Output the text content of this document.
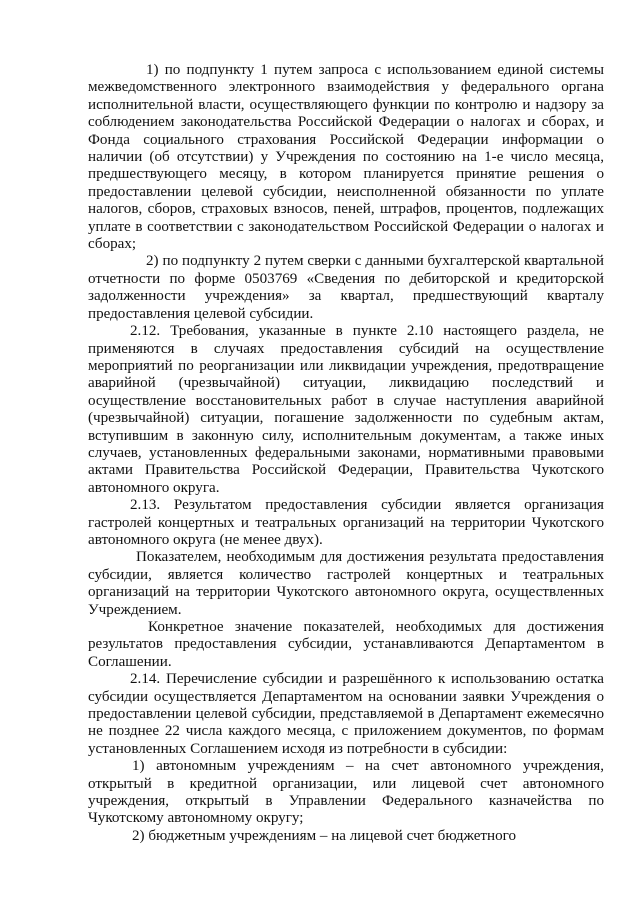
1) по подпункту 1 путем запроса с использованием единой системы межведомственного электронного взаимодействия у федерального органа исполнительной власти, осуществляющего функции по контролю и надзору за соблюдением законодательства Российской Федерации о налогах и сборах, и Фонда социального страхования Российской Федерации информации о наличии (об отсутствии) у Учреждения по состоянию на 1-е число месяца, предшествующего месяцу, в котором планируется принятие решения о предоставлении целевой субсидии, неисполненной обязанности по уплате налогов, сборов, страховых взносов, пеней, штрафов, процентов, подлежащих уплате в соответствии с законодательством Российской Федерации о налогах и сборах;

2) по подпункту 2 путем сверки с данными бухгалтерской квартальной отчетности по форме 0503769 «Сведения по дебиторской и кредиторской задолженности учреждения» за квартал, предшествующий кварталу предоставления целевой субсидии.

2.12. Требования, указанные в пункте 2.10 настоящего раздела, не применяются в случаях предоставления субсидий на осуществление мероприятий по реорганизации или ликвидации учреждения, предотвращение аварийной (чрезвычайной) ситуации, ликвидацию последствий и осуществление восстановительных работ в случае наступления аварийной (чрезвычайной) ситуации, погашение задолженности по судебным актам, вступившим в законную силу, исполнительным документам, а также иных случаев, установленных федеральными законами, нормативными правовыми актами Правительства Российской Федерации, Правительства Чукотского автономного округа.

2.13. Результатом предоставления субсидии является организация гастролей концертных и театральных организаций на территории Чукотского автономного округа (не менее двух).

Показателем, необходимым для достижения результата предоставления субсидии, является количество гастролей концертных и театральных организаций на территории Чукотского автономного округа, осуществленных Учреждением.

Конкретное значение показателей, необходимых для достижения результатов предоставления субсидии, устанавливаются Департаментом в Соглашении.

2.14. Перечисление субсидии и разрешённого к использованию остатка субсидии осуществляется Департаментом на основании заявки Учреждения о предоставлении целевой субсидии, представляемой в Департамент ежемесячно не позднее 22 числа каждого месяца, с приложением документов, по формам установленных Соглашением исходя из потребности в субсидии:

1) автономным учреждениям – на счет автономного учреждения, открытый в кредитной организации, или лицевой счет автономного учреждения, открытый в Управлении Федерального казначейства по Чукотскому автономному округу;

2) бюджетным учреждениям – на лицевой счет бюджетного
